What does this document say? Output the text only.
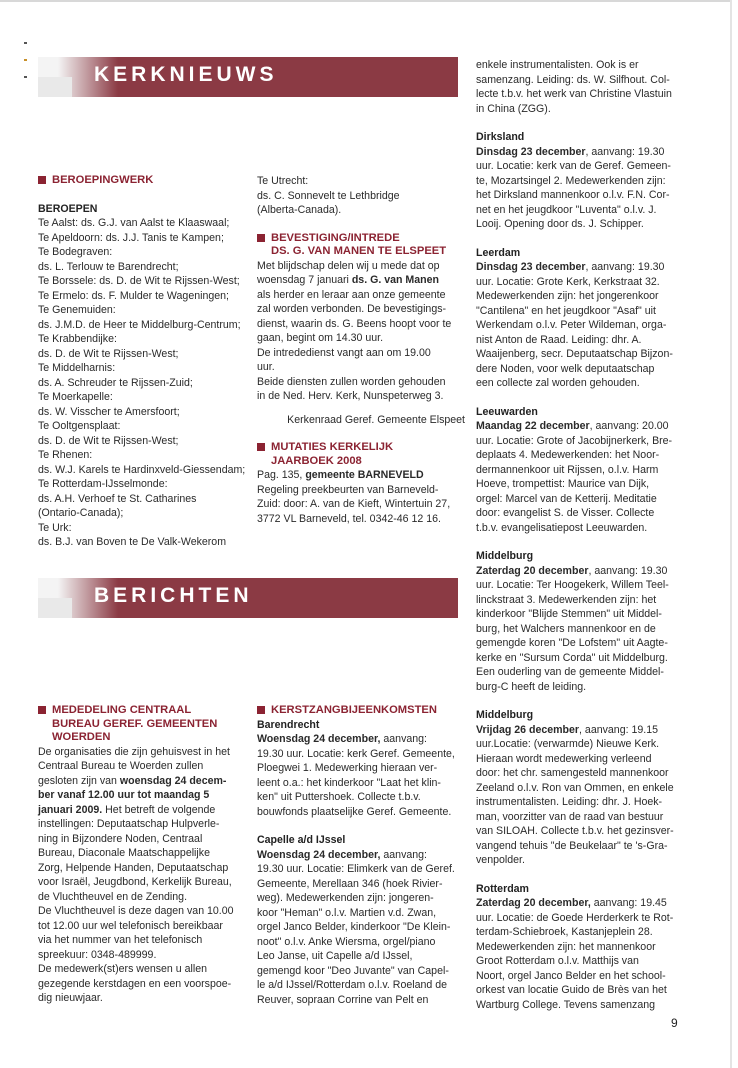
KERKNIEUWS
BERICHTEN
BEROEPINGWERK

BEROEPEN

Te Aalst: ds. G.J. van Aalst te Klaaswaal;

Te Apeldoorn: ds. J.J. Tanis te Kampen;

Te Bodegraven:

ds. L. Terlouw te Barendrecht;

Te Borssele: ds. D. de Wit te Rijssen-West;

Te Ermelo: ds. F. Mulder te Wageningen;

Te Genemuiden:

ds. J.M.D. de Heer te Middelburg-Centrum;

Te Krabbendijke:

ds. D. de Wit te Rijssen-West;

Te Middelharnis:

ds. A. Schreuder te Rijssen-Zuid;

Te Moerkapelle:

ds. W. Visscher te Amersfoort;

Te Ooltgensplaat:

ds. D. de Wit te Rijssen-West;

Te Rhenen:

ds. W.J. Karels te Hardinxveld-Giessendam;

Te Rotterdam-IJsselmonde:

ds. A.H. Verhoef te St. Catharines

(Ontario-Canada);

Te Urk:

ds. B.J. van Boven te De Valk-Wekerom

Te Utrecht:

ds. C. Sonnevelt te Lethbridge

(Alberta-Canada).

BEVESTIGING/INTREDE
DS. G. VAN MANEN TE ELSPEET

Met blijdschap delen wij u mede dat op

woensdag 7 januari ds. G. van Manen

als herder en leraar aan onze gemeente

zal worden verbonden. De bevestigings-

dienst, waarin ds. G. Beens hoopt voor te

gaan, begint om 14.30 uur.

De intrededienst vangt aan om 19.00

uur.

Beide diensten zullen worden gehouden

in de Ned. Herv. Kerk, Nunspeterweg 3.

Kerkenraad Geref. Gemeente Elspeet

MUTATIES KERKELIJK
JAARBOEK 2008

Pag. 135, gemeente BARNEVELD

Regeling preekbeurten van Barneveld-

Zuid: door: A. van de Kieft, Wintertuin 27,

3772 VL Barneveld, tel. 0342-46 12 16.

MEDEDELING CENTRAAL
BUREAU GEREF. GEMEENTEN
WOERDEN

De organisaties die zijn gehuisvest in het

Centraal Bureau te Woerden zullen

gesloten zijn van woensdag 24 decem-

ber vanaf 12.00 uur tot maandag 5

januari 2009. Het betreft de volgende

instellingen: Deputaatschap Hulpverle-

ning in Bijzondere Noden, Centraal

Bureau, Diaconale Maatschappelijke

Zorg, Helpende Handen, Deputaatschap

voor Israël, Jeugdbond, Kerkelijk Bureau,

de Vluchtheuvel en de Zending.

De Vluchtheuvel is deze dagen van 10.00

tot 12.00 uur wel telefonisch bereikbaar

via het nummer van het telefonisch

spreekuur: 0348-489999.

De medewerk(st)ers wensen u allen

gezegende kerstdagen en een voorspoe-

dig nieuwjaar.

KERSTZANGBIJEENKOMSTEN

Barendrecht

Woensdag 24 december, aanvang:

19.30 uur. Locatie: kerk Geref. Gemeente,

Ploegwei 1. Medewerking hieraan ver-

leent o.a.: het kinderkoor "Laat het klin-

ken" uit Puttershoek. Collecte t.b.v.

bouwfonds plaatselijke Geref. Gemeente.

Capelle a/d IJssel

Woensdag 24 december, aanvang:

19.30 uur. Locatie: Elimkerk van de Geref.

Gemeente, Merellaan 346 (hoek Rivier-

weg). Medewerkenden zijn: jongeren-

koor "Heman" o.l.v. Martien v.d. Zwan,

orgel Janco Belder, kinderkoor "De Klein-

noot" o.l.v. Anke Wiersma, orgel/piano

Leo Janse, uit Capelle a/d IJssel,

gemengd koor "Deo Juvante" van Capel-

le a/d IJssel/Rotterdam o.l.v. Roeland de

Reuver, sopraan Corrine van Pelt en

enkele instrumentalisten. Ook is er

samenzang. Leiding: ds. W. Silfhout. Col-

lecte t.b.v. het werk van Christine Vlastuin

in China (ZGG).

Dirksland

Dinsdag 23 december, aanvang: 19.30

uur. Locatie: kerk van de Geref. Gemeen-

te, Mozartsingel 2. Medewerkenden zijn:

het Dirksland mannenkoor o.l.v. F.N. Cor-

net en het jeugdkoor "Luventa" o.l.v. J.

Looij. Opening door ds. J. Schipper.

Leerdam

Dinsdag 23 december, aanvang: 19.30

uur. Locatie: Grote Kerk, Kerkstraat 32.

Medewerkenden zijn: het jongerenkoor

"Cantilena" en het jeugdkoor "Asaf" uit

Werkendam o.l.v. Peter Wildeman, orga-

nist Anton de Raad. Leiding: dhr. A.

Waaijenberg, secr. Deputaatschap Bijzon-

dere Noden, voor welk deputaatschap

een collecte zal worden gehouden.

Leeuwarden

Maandag 22 december, aanvang: 20.00

uur. Locatie: Grote of Jacobijnerkerk, Bre-

deplaats 4. Medewerkenden: het Noor-

dermannenkoor uit Rijssen, o.l.v. Harm

Hoeve, trompettist: Maurice van Dijk,

orgel: Marcel van de Ketterij. Meditatie

door: evangelist S. de Visser. Collecte

t.b.v. evangelisatiepost Leeuwarden.

Middelburg

Zaterdag 20 december, aanvang: 19.30

uur. Locatie: Ter Hoogekerk, Willem Teel-

linckstraat 3. Medewerkenden zijn: het

kinderkoor "Blijde Stemmen" uit Middel-

burg, het Walchers mannenkoor en de

gemengde koren "De Lofstem" uit Aagte-

kerke en "Sursum Corda" uit Middelburg.

Een ouderling van de gemeente Middel-

burg-C heeft de leiding.

Middelburg

Vrijdag 26 december, aanvang: 19.15

uur.Locatie: (verwarmde) Nieuwe Kerk.

Hieraan wordt medewerking verleend

door: het chr. samengesteld mannenkoor

Zeeland o.l.v. Ron van Ommen, en enkele

instrumentalisten. Leiding: dhr. J. Hoek-

man, voorzitter van de raad van bestuur

van SILOAH. Collecte t.b.v. het gezinsver-

vangend tehuis "de Beukelaar" te 's-Gra-

venpolder.

Rotterdam

Zaterdag 20 december, aanvang: 19.45

uur. Locatie: de Goede Herderkerk te Rot-

terdam-Schiebroek, Kastanjeplein 28.

Medewerkenden zijn: het mannenkoor

Groot Rotterdam o.l.v. Matthijs van

Noort, orgel Janco Belder en het school-

orkest van locatie Guido de Brès van het

Wartburg College. Tevens samenzang

9
